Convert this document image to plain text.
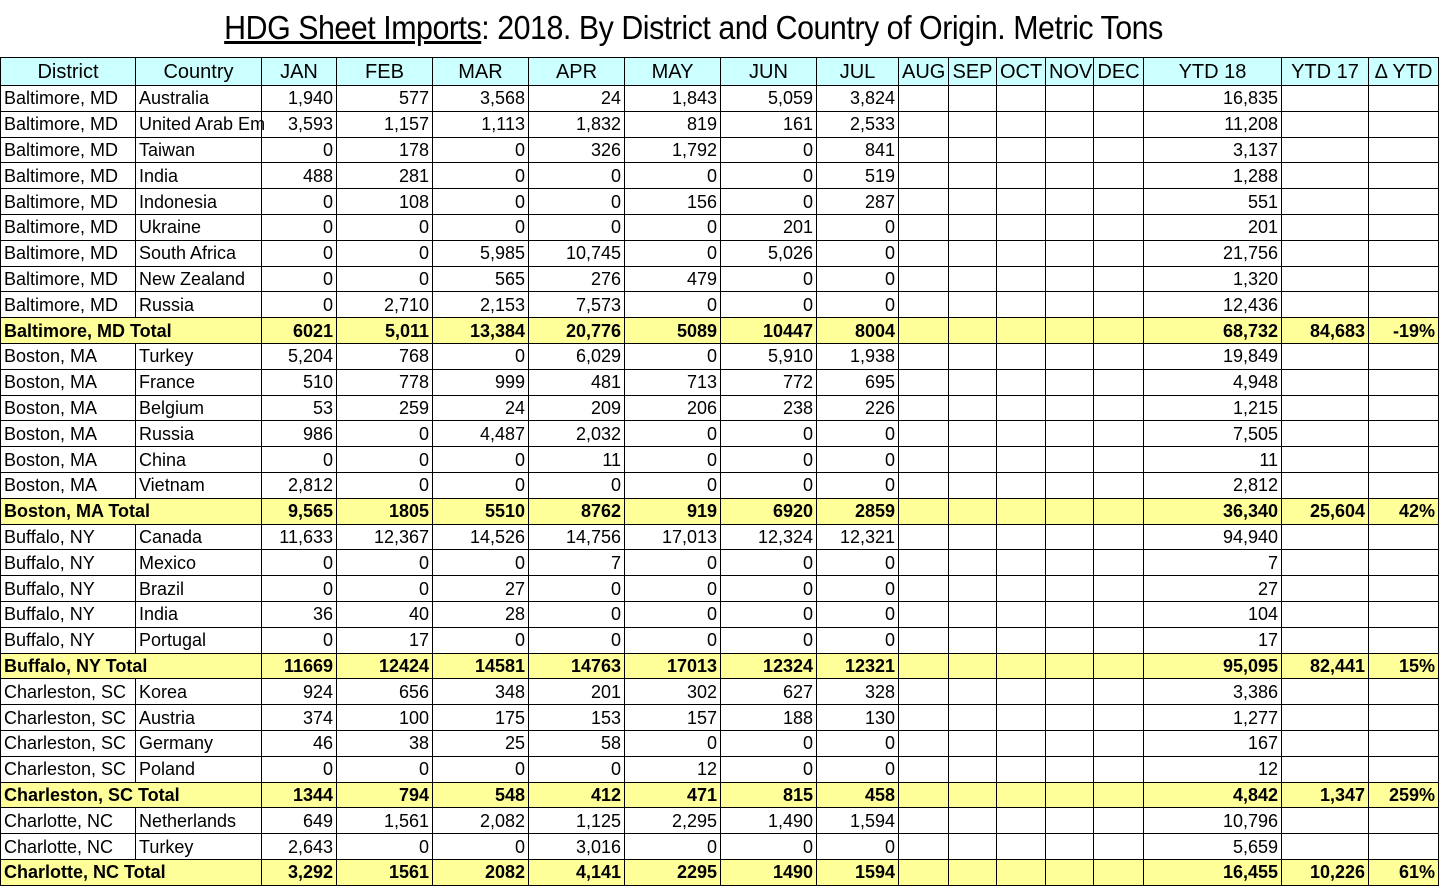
HDG Sheet Imports : 2018. By District and Country of Origin. Metric Tons
District	Country	JAN	FEB	MAR	APR	MAY	JUN	JUL	AUG	SEP	OCT	NOV	DEC	YTD 18	YTD 17	Δ YTD
Baltimore, MD	Australia	1,940	577	3,568	24	1,843	5,059	3,824						16,835		
Baltimore, MD	United Arab Em	3,593	1,157	1,113	1,832	819	161	2,533						11,208		
Baltimore, MD	Taiwan	0	178	0	326	1,792	0	841						3,137		
Baltimore, MD	India	488	281	0	0	0	0	519						1,288		
Baltimore, MD	Indonesia	0	108	0	0	156	0	287						551		
Baltimore, MD	Ukraine	0	0	0	0	0	201	0						201		
Baltimore, MD	South Africa	0	0	5,985	10,745	0	5,026	0						21,756		
Baltimore, MD	New Zealand	0	0	565	276	479	0	0						1,320		
Baltimore, MD	Russia	0	2,710	2,153	7,573	0	0	0						12,436		
Baltimore, MD Total		6021	5,011	13,384	20,776	5089	10447	8004						68,732	84,683	-19%
Boston, MA	Turkey	5,204	768	0	6,029	0	5,910	1,938						19,849		
Boston, MA	France	510	778	999	481	713	772	695						4,948		
Boston, MA	Belgium	53	259	24	209	206	238	226						1,215		
Boston, MA	Russia	986	0	4,487	2,032	0	0	0						7,505		
Boston, MA	China	0	0	0	11	0	0	0						11		
Boston, MA	Vietnam	2,812	0	0	0	0	0	0						2,812		
Boston, MA Total		9,565	1805	5510	8762	919	6920	2859						36,340	25,604	42%
Buffalo, NY	Canada	11,633	12,367	14,526	14,756	17,013	12,324	12,321						94,940		
Buffalo, NY	Mexico	0	0	0	7	0	0	0						7		
Buffalo, NY	Brazil	0	0	27	0	0	0	0						27		
Buffalo, NY	India	36	40	28	0	0	0	0						104		
Buffalo, NY	Portugal	0	17	0	0	0	0	0						17		
Buffalo, NY Total		11669	12424	14581	14763	17013	12324	12321						95,095	82,441	15%
Charleston, SC	Korea	924	656	348	201	302	627	328						3,386		
Charleston, SC	Austria	374	100	175	153	157	188	130						1,277		
Charleston, SC	Germany	46	38	25	58	0	0	0						167		
Charleston, SC	Poland	0	0	0	0	12	0	0						12		
Charleston, SC Total		1344	794	548	412	471	815	458						4,842	1,347	259%
Charlotte, NC	Netherlands	649	1,561	2,082	1,125	2,295	1,490	1,594						10,796		
Charlotte, NC	Turkey	2,643	0	0	3,016	0	0	0						5,659		
Charlotte, NC Total		3,292	1561	2082	4,141	2295	1490	1594						16,455	10,226	61%
